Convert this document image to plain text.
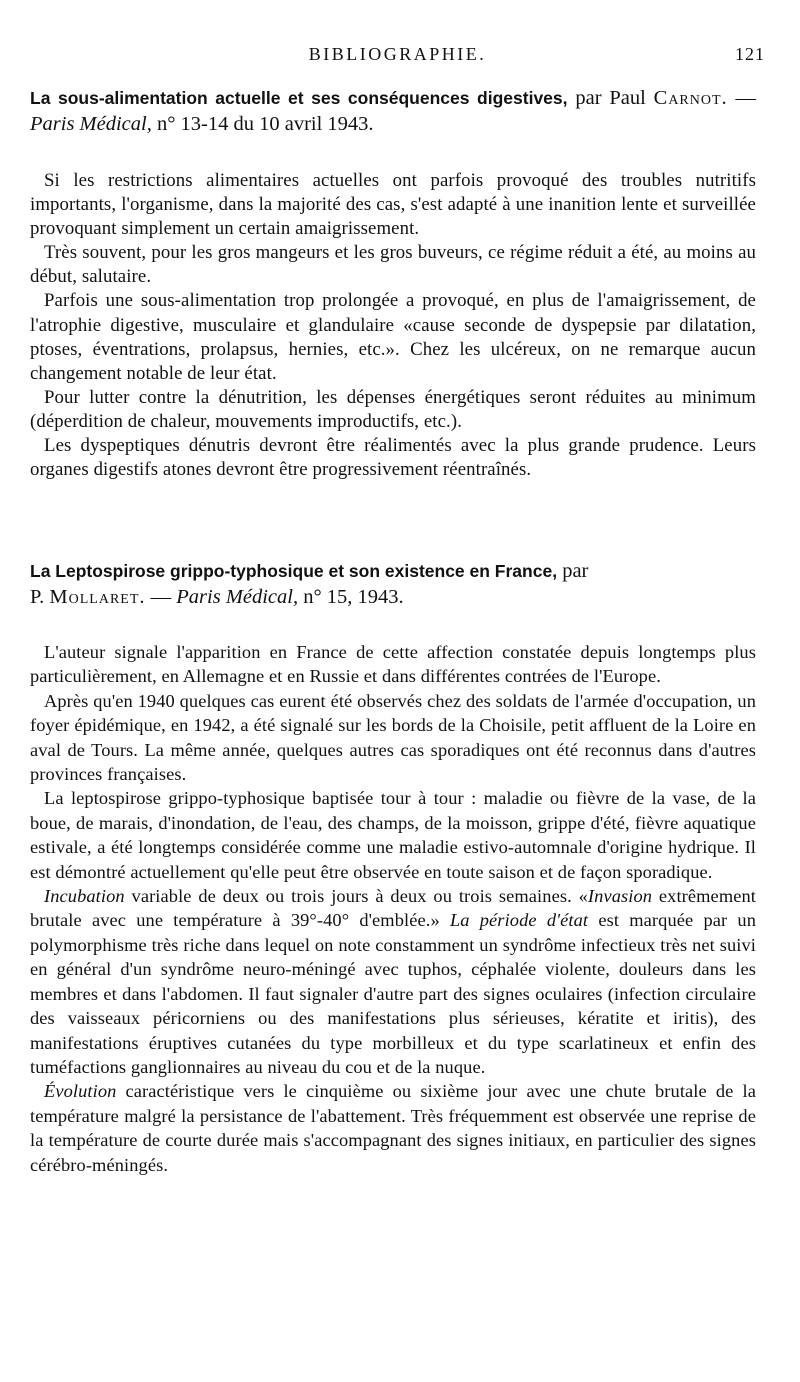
BIBLIOGRAPHIE.	121

La sous-alimentation actuelle et ses conséquences digestives, par Paul Carnot. — Paris Médical, n° 13-14 du 10 avril 1943.

Si les restrictions alimentaires actuelles ont parfois provoqué des troubles nutritifs importants, l'organisme, dans la majorité des cas, s'est adapté à une inanition lente et surveillée provoquant simplement un certain amaigrissement.

Très souvent, pour les gros mangeurs et les gros buveurs, ce régime réduit a été, au moins au début, salutaire.

Parfois une sous-alimentation trop prolongée a provoqué, en plus de l'amaigrissement, de l'atrophie digestive, musculaire et glandulaire «cause seconde de dyspepsie par dilatation, ptoses, éventrations, prolapsus, hernies, etc.». Chez les ulcéreux, on ne remarque aucun changement notable de leur état.

Pour lutter contre la dénutrition, les dépenses énergétiques seront réduites au minimum (déperdition de chaleur, mouvements improductifs, etc.).

Les dyspeptiques dénutris devront être réalimentés avec la plus grande prudence. Leurs organes digestifs atones devront être progressivement réentraînés.

La Leptospirose grippo-typhosique et son existence en France, par
P. Mollaret. — Paris Médical, n° 15, 1943.

L'auteur signale l'apparition en France de cette affection constatée depuis longtemps plus particulièrement, en Allemagne et en Russie et dans différentes contrées de l'Europe.

Après qu'en 1940 quelques cas eurent été observés chez des soldats de l'armée d'occupation, un foyer épidémique, en 1942, a été signalé sur les bords de la Choisile, petit affluent de la Loire en aval de Tours. La même année, quelques autres cas sporadiques ont été reconnus dans d'autres provinces françaises.

La leptospirose grippo-typhosique baptisée tour à tour : maladie ou fièvre de la vase, de la boue, de marais, d'inondation, de l'eau, des champs, de la moisson, grippe d'été, fièvre aquatique estivale, a été longtemps considérée comme une maladie estivo-automnale d'origine hydrique. Il est démontré actuellement qu'elle peut être observée en toute saison et de façon sporadique.

Incubation variable de deux ou trois jours à deux ou trois semaines. «Invasion extrêmement brutale avec une température à 39°-40° d'emblée.» La période d'état est marquée par un polymorphisme très riche dans lequel on note constamment un syndrôme infectieux très net suivi en général d'un syndrôme neuro-méningé avec tuphos, céphalée violente, douleurs dans les membres et dans l'abdomen. Il faut signaler d'autre part des signes oculaires (infection circulaire des vaisseaux péricorniens ou des manifestations plus sérieuses, kératite et iritis), des manifestations éruptives cutanées du type morbilleux et du type scarlatineux et enfin des tuméfactions ganglionnaires au niveau du cou et de la nuque.

Évolution caractéristique vers le cinquième ou sixième jour avec une chute brutale de la température malgré la persistance de l'abattement. Très fréquemment est observée une reprise de la température de courte durée mais s'accompagnant des signes initiaux, en particulier des signes cérébro-méningés.
